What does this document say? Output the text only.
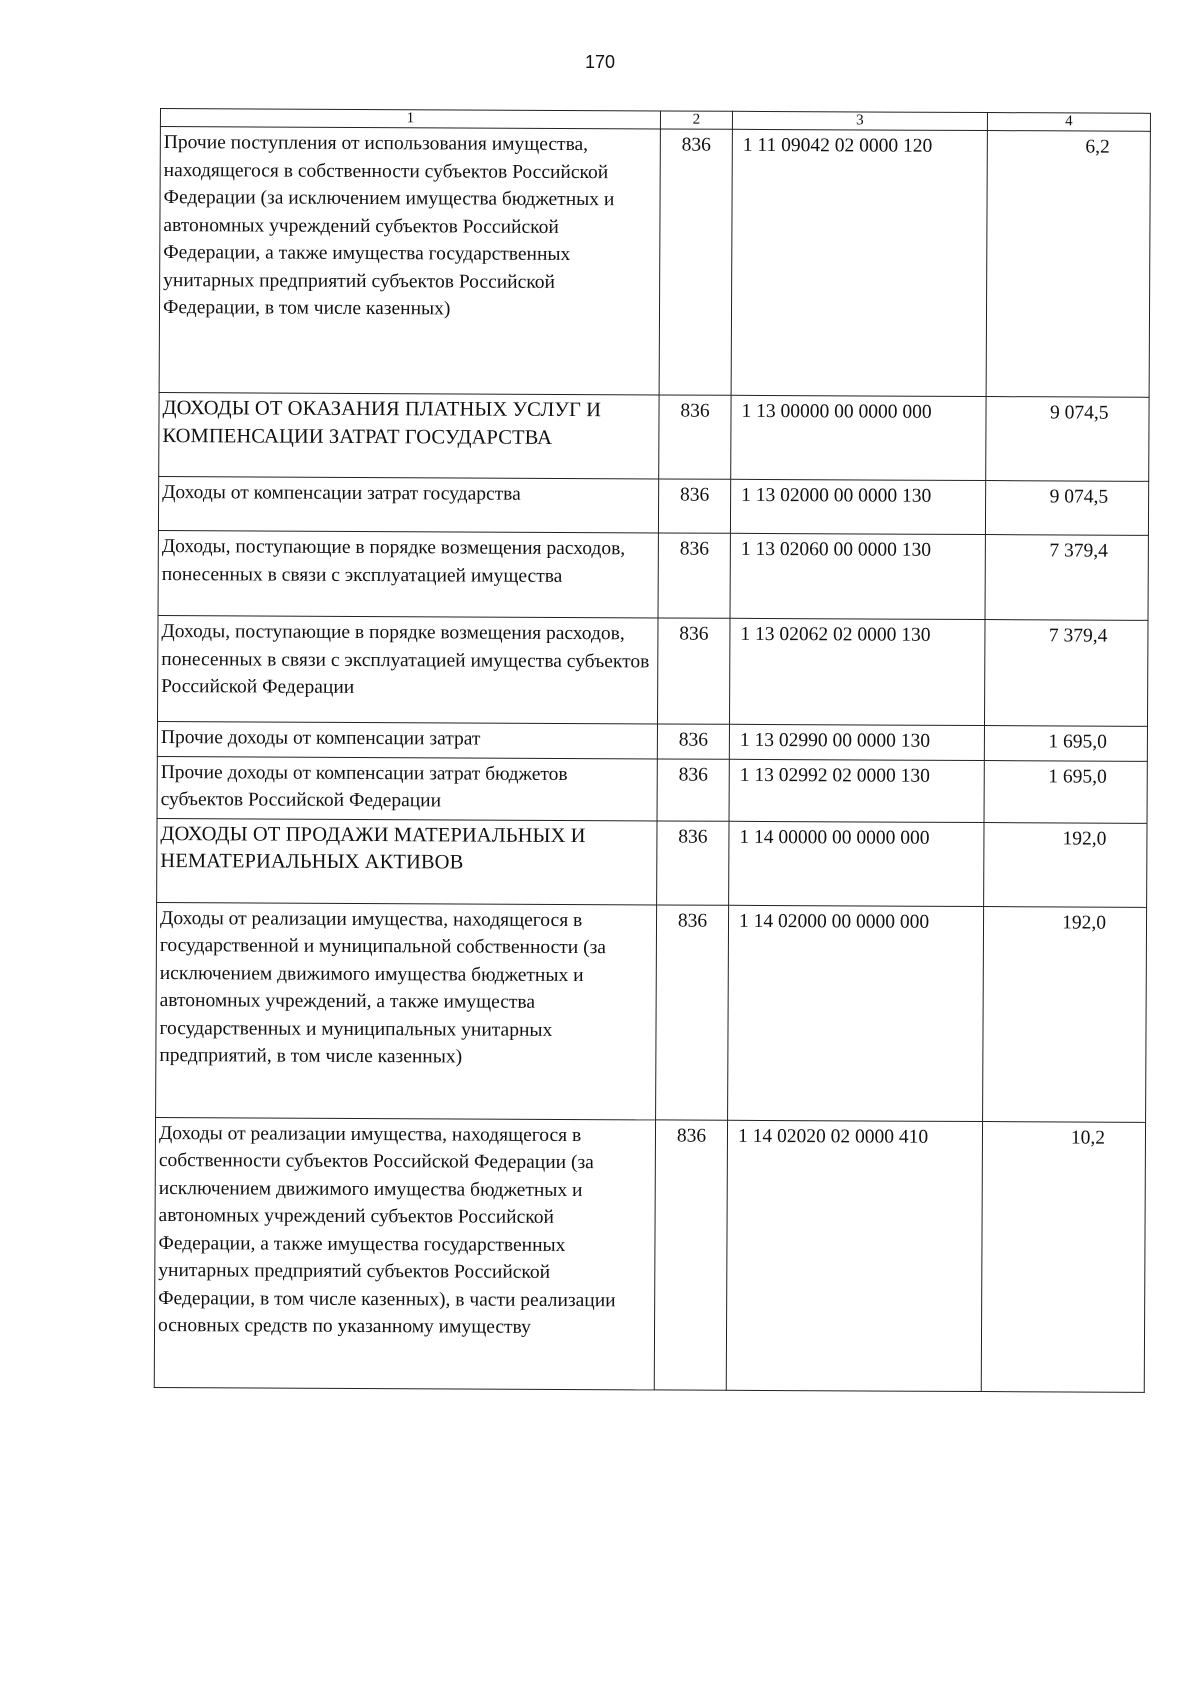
170
1	2	3	4
Прочие поступления от использования имущества, находящегося в собственности субъектов Российской Федерации (за исключением имущества бюджетных и автономных учреждений субъектов Российской Федерации, а также имущества государственных унитарных предприятий субъектов Российской Федерации, в том числе казенных)	836	1 11 09042 02 0000 120	6,2
ДОХОДЫ ОТ ОКАЗАНИЯ ПЛАТНЫХ УСЛУГ И КОМПЕНСАЦИИ ЗАТРАТ ГОСУДАРСТВА	836	1 13 00000 00 0000 000	9 074,5
Доходы от компенсации затрат государства	836	1 13 02000 00 0000 130	9 074,5
Доходы, поступающие в порядке возмещения расходов, понесенных в связи с эксплуатацией имущества	836	1 13 02060 00 0000 130	7 379,4
Доходы, поступающие в порядке возмещения расходов, понесенных в связи с эксплуатацией имущества субъектов Российской Федерации	836	1 13 02062 02 0000 130	7 379,4
Прочие доходы от компенсации затрат	836	1 13 02990 00 0000 130	1 695,0
Прочие доходы от компенсации затрат бюджетов субъектов Российской Федерации	836	1 13 02992 02 0000 130	1 695,0
ДОХОДЫ ОТ ПРОДАЖИ МАТЕРИАЛЬНЫХ И НЕМАТЕРИАЛЬНЫХ АКТИВОВ	836	1 14 00000 00 0000 000	192,0
Доходы от реализации имущества, находящегося в государственной и муниципальной собственности (за исключением движимого имущества бюджетных и автономных учреждений, а также имущества государственных и муниципальных унитарных предприятий, в том числе казенных)	836	1 14 02000 00 0000 000	192,0
Доходы от реализации имущества, находящегося в собственности субъектов Российской Федерации (за исключением движимого имущества бюджетных и автономных учреждений субъектов Российской Федерации, а также имущества государственных унитарных предприятий субъектов Российской Федерации, в том числе казенных), в части реализации основных средств по указанному имуществу	836	1 14 02020 02 0000 410	10,2
